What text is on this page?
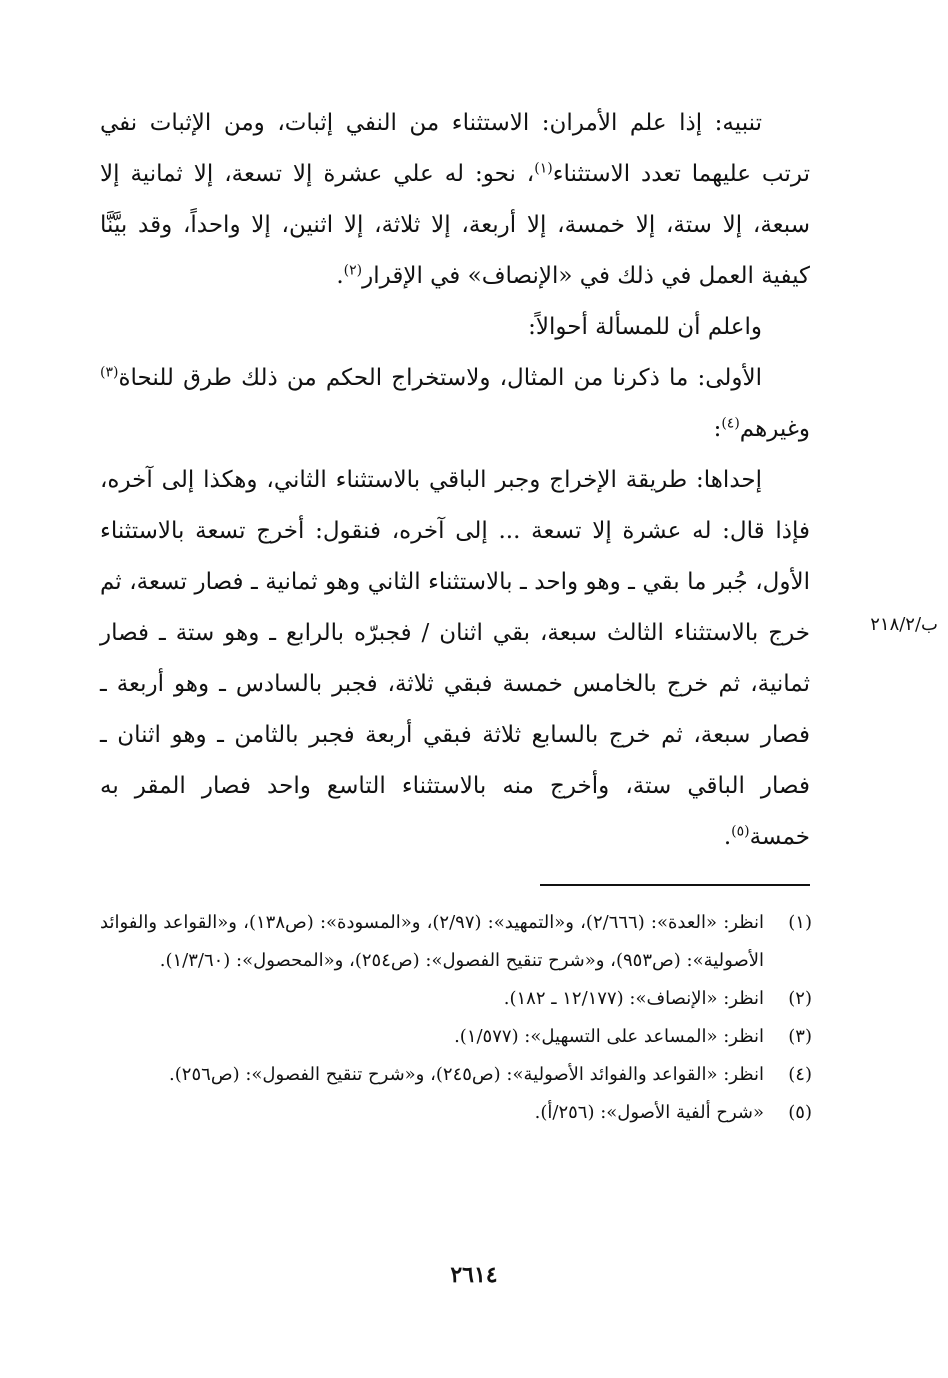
تنبيه: إذا علم الأمران: الاستثناء من النفي إثبات، ومن الإثبات نفي ترتب عليهما تعدد الاستثناء$^{(١)}$، نحو: له علي عشرة إلا تسعة، إلا ثمانية إلا سبعة، إلا ستة، إلا خمسة، إلا أربعة، إلا ثلاثة، إلا اثنين، إلا واحداً، وقد بيَّنَّا كيفية العمل في ذلك في «الإنصاف» في الإقرار$^{(٢)}$.

واعلم أن للمسألة أحوالاً:

الأولى: ما ذكرنا من المثال، ولاستخراج الحكم من ذلك طرق للنحاة$^{(٣)}$ وغيرهم$^{(٤)}$:

إحداها: طريقة الإخراج وجبر الباقي بالاستثناء الثاني، وهكذا إلى آخره، فإذا قال: له عشرة إلا تسعة ... إلى آخره، فنقول: أخرج تسعة بالاستثناء الأول، جُبر ما بقي ـ وهو واحد ـ بالاستثناء الثاني وهو ثمانية ـ فصار تسعة، ثم خرج بالاستثناء الثالث سبعة، بقي اثنان / فجبرّه بالرابع ـ وهو ستة ـ فصار ثمانية، ثم خرج بالخامس خمسة فبقي ثلاثة، فجبر بالسادس ـ وهو أربعة ـ فصار سبعة، ثم خرج بالسابع ثلاثة فبقي أربعة فجبر بالثامن ـ وهو اثنان ـ فصار الباقي ستة، وأخرج منه بالاستثناء التاسع واحد فصار المقر به خمسة$^{(٥)}$.

ب/٢١٨/٢
(١)
انظر: «العدة»: (٢/٦٦٦)، و«التمهيد»: (٢/٩٧)، و«المسودة»: (ص١٣٨)، و«القواعد والفوائد الأصولية»: (ص٩٥٣)، و«شرح تنقيح الفصول»: (ص٢٥٤)، و«المحصول»: (١/٣/٦٠).
(٢)
انظر: «الإنصاف»: (١٢/١٧٧ ـ ١٨٢).
(٣)
انظر: «المساعد على التسهيل»: (١/٥٧٧).
(٤)
انظر: «القواعد والفوائد الأصولية»: (ص٢٤٥)، و«شرح تنقيح الفصول»: (ص٢٥٦).
(٥)
«شرح ألفية الأصول»: (٢٥٦/أ).
٢٦١٤
